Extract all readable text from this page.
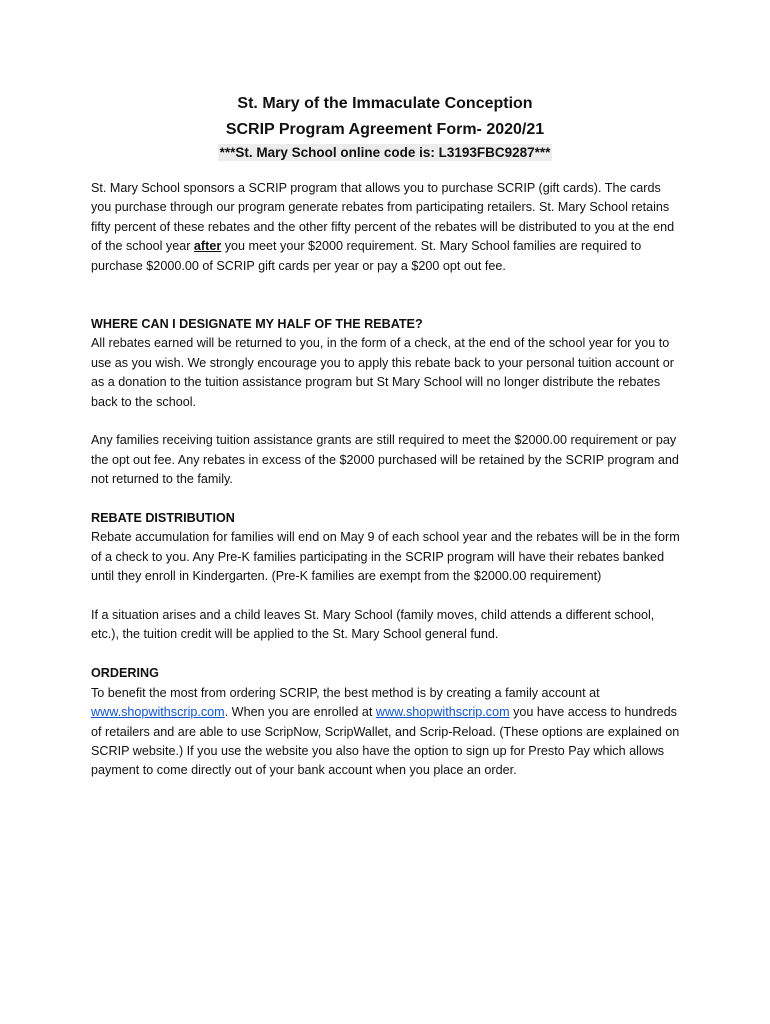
St. Mary of the Immaculate Conception
SCRIP Program Agreement Form- 2020/21
***St. Mary School online code is: L3193FBC9287***

St. Mary School sponsors a SCRIP program that allows you to purchase SCRIP (gift cards). The cards you purchase through our program generate rebates from participating retailers. St. Mary School retains fifty percent of these rebates and the other fifty percent of the rebates will be distributed to you at the end of the school year after you meet your $2000 requirement. St. Mary School families are required to purchase $2000.00 of SCRIP gift cards per year or pay a $200 opt out fee.

WHERE CAN I DESIGNATE MY HALF OF THE REBATE?

All rebates earned will be returned to you, in the form of a check, at the end of the school year for you to use as you wish. We strongly encourage you to apply this rebate back to your personal tuition account or as a donation to the tuition assistance program but St Mary School will no longer distribute the rebates back to the school.

Any families receiving tuition assistance grants are still required to meet the $2000.00 requirement or pay the opt out fee. Any rebates in excess of the $2000 purchased will be retained by the SCRIP program and not returned to the family.

REBATE DISTRIBUTION

Rebate accumulation for families will end on May 9 of each school year and the rebates will be in the form of a check to you. Any Pre-K families participating in the SCRIP program will have their rebates banked until they enroll in Kindergarten. (Pre-K families are exempt from the $2000.00 requirement)

If a situation arises and a child leaves St. Mary School (family moves, child attends a different school, etc.), the tuition credit will be applied to the St. Mary School general fund.

ORDERING

To benefit the most from ordering SCRIP, the best method is by creating a family account at www.shopwithscrip.com. When you are enrolled at www.shopwithscrip.com you have access to hundreds of retailers and are able to use ScripNow, ScripWallet, and Scrip-Reload. (These options are explained on SCRIP website.) If you use the website you also have the option to sign up for Presto Pay which allows payment to come directly out of your bank account when you place an order.
